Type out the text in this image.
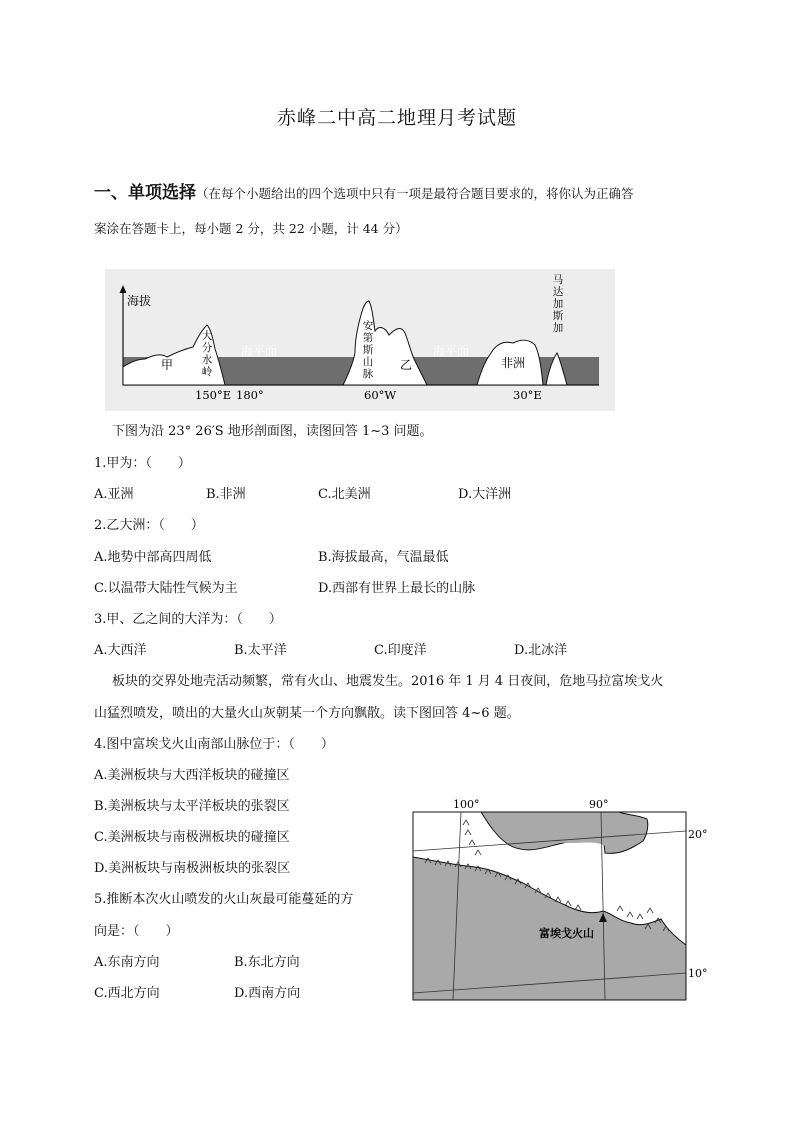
赤峰二中高二地理月考试题
一、单项选择（在每个小题给出的四个选项中只有一项是最符合题目要求的，将你认为正确答
案涂在答题卡上，每小题 2 分，共 22 小题，计 44 分）
海拔
甲	乙	非洲
海平面	海平面
大分水岭
安第斯山脉
马达加斯加
150°E 180°	60°W	30°E
下图为沿 23° 26′S 地形剖面图，读图回答 1~3 问题。
1.甲为：（　　）
A.亚洲	B.非洲	C.北美洲	D.大洋洲
2.乙大洲：（　　）
A.地势中部高四周低	B.海拔最高，气温最低
C.以温带大陆性气候为主	D.西部有世界上最长的山脉
3.甲、乙之间的大洋为：（　　）
A.大西洋	B.太平洋	C.印度洋	D.北冰洋
板块的交界处地壳活动频繁，常有火山、地震发生。2016 年 1 月 4 日夜间，危地马拉富埃戈火
山猛烈喷发，喷出的大量火山灰朝某一个方向飘散。读下图回答 4~6 题。
4.图中富埃戈火山南部山脉位于：（　　）
A.美洲板块与大西洋板块的碰撞区
B.美洲板块与太平洋板块的张裂区
C.美洲板块与南极洲板块的碰撞区
D.美洲板块与南极洲板块的张裂区
5.推断本次火山喷发的火山灰最可能蔓延的方
向是：（　　）
A.东南方向	B.东北方向
C.西北方向	D.西南方向
100°	90°
20°
10°
富埃戈火山
